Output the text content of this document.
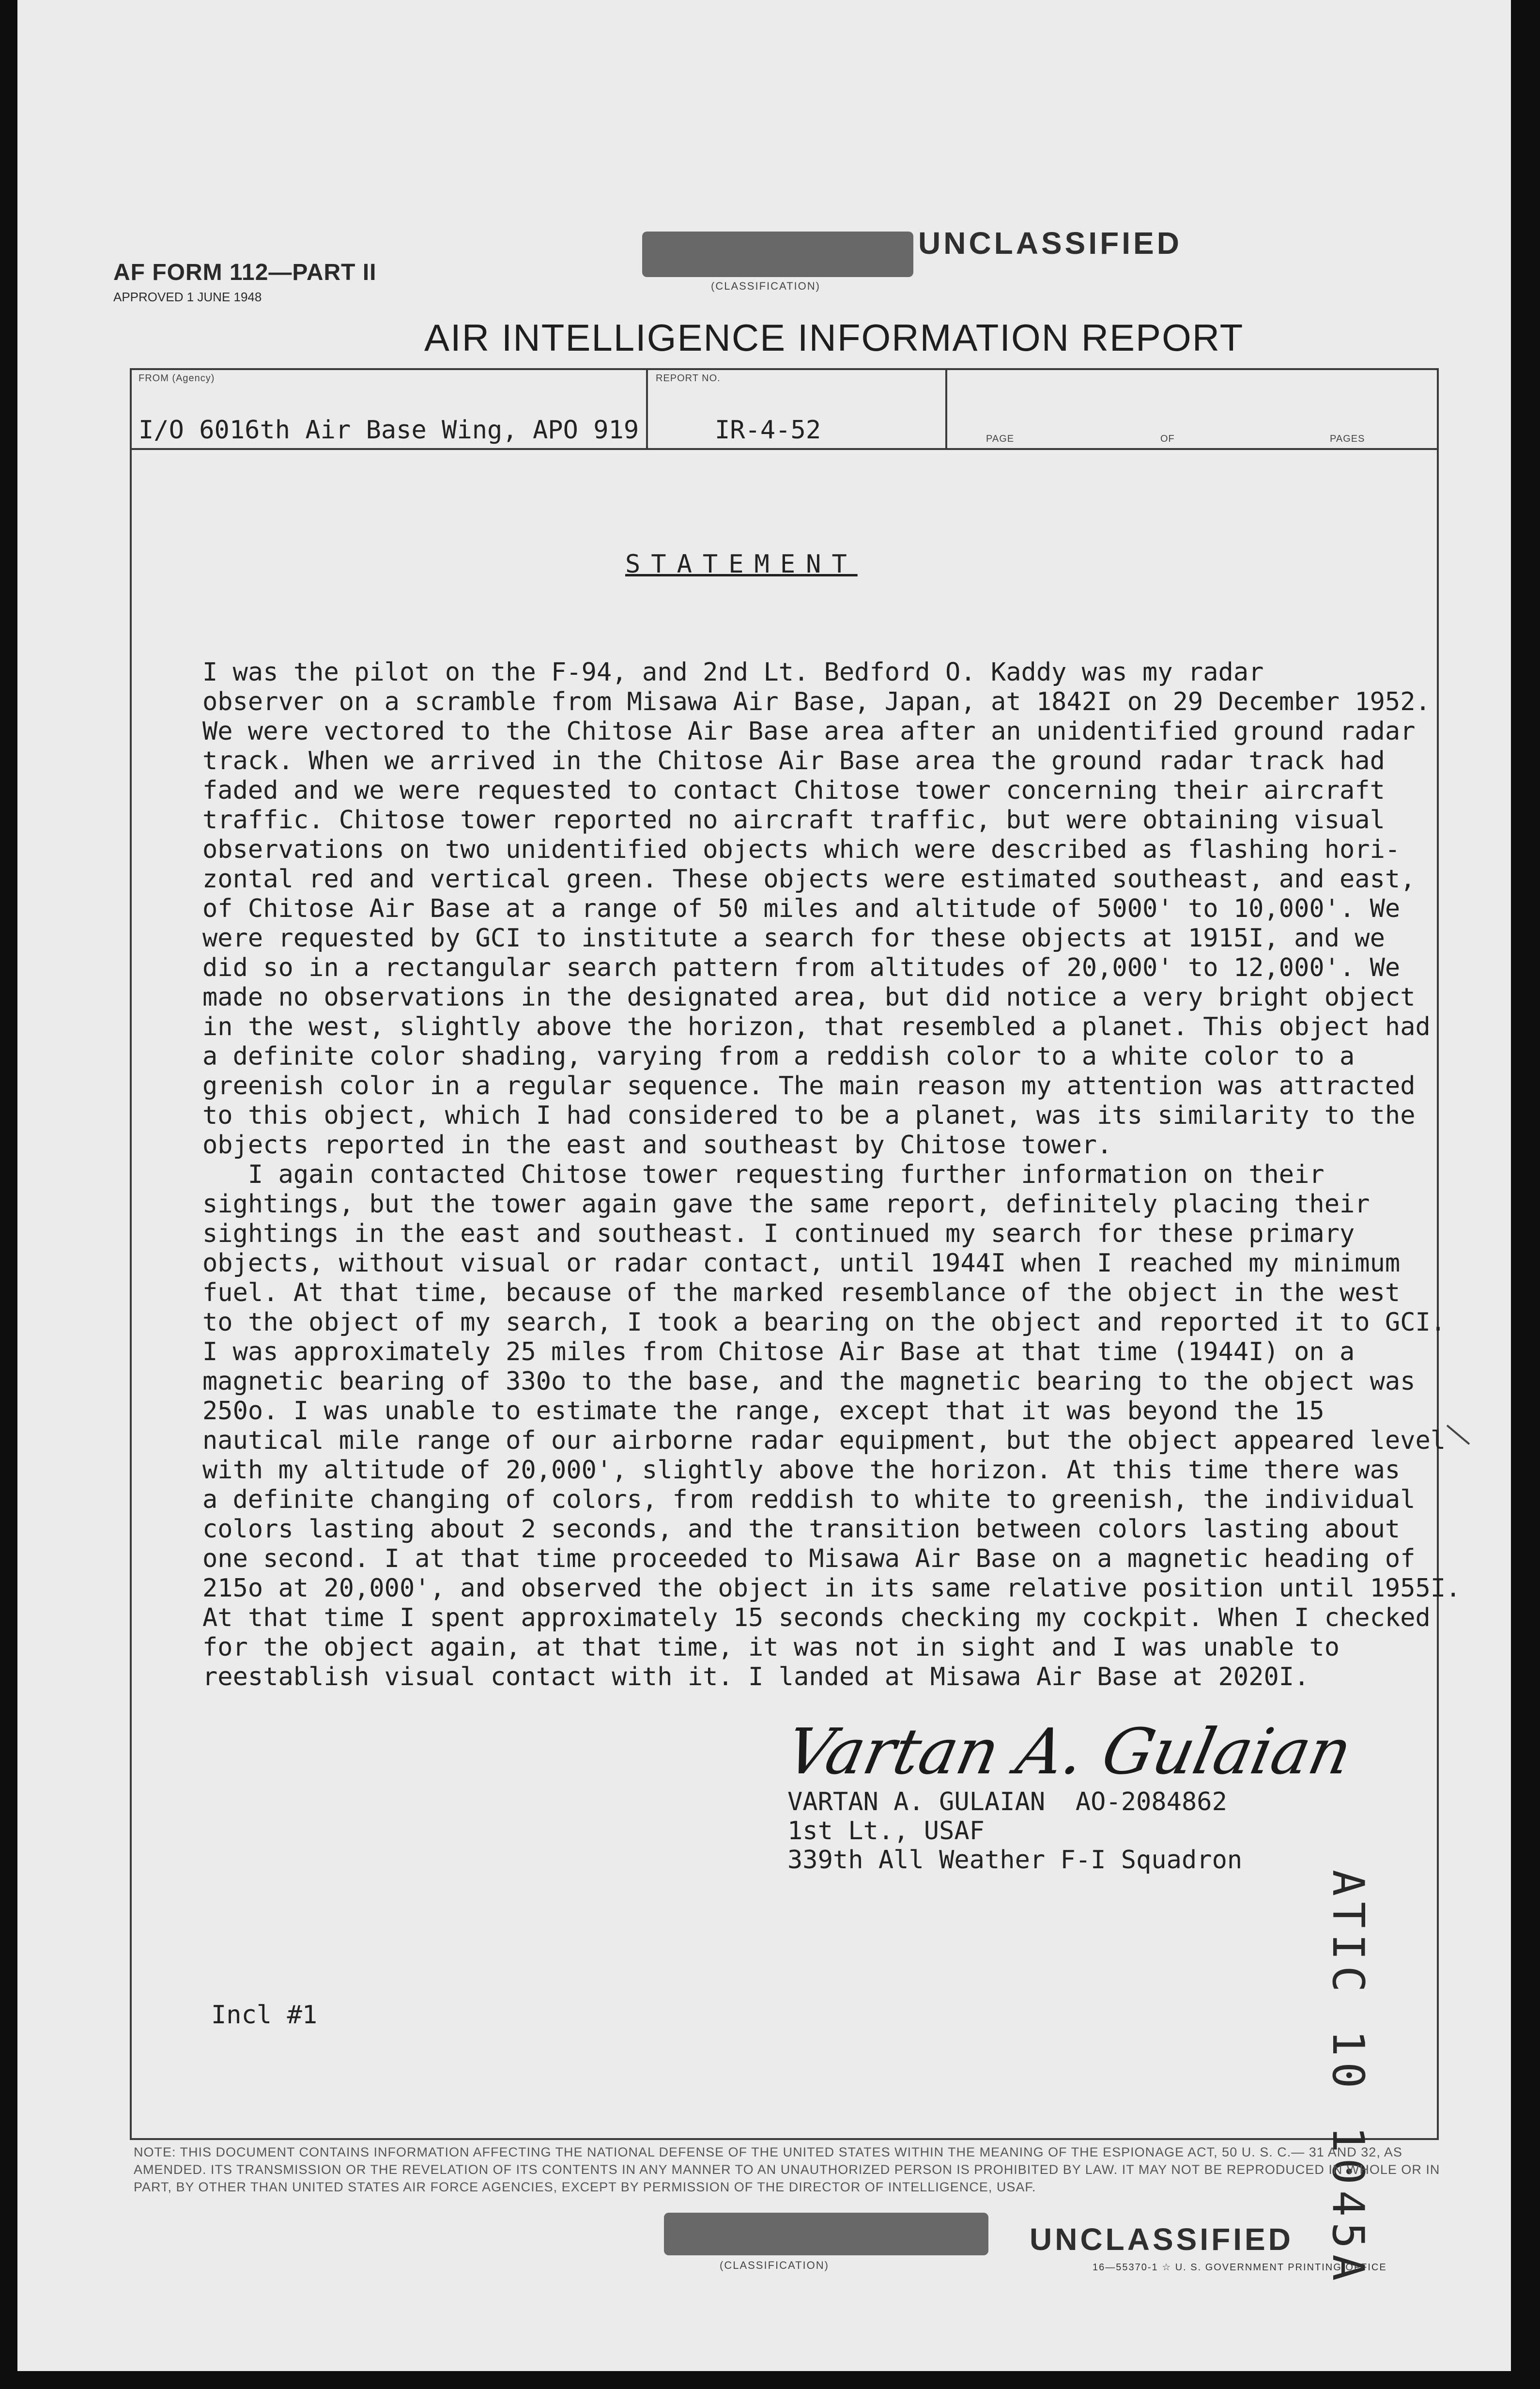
AF FORM 112—PART II
APPROVED 1 JUNE 1948
UNCLASSIFIED
(CLASSIFICATION)
AIR INTELLIGENCE INFORMATION REPORT
FROM (Agency)	REPORT NO.
PAGE	OF	PAGES
I/O 6016th Air Base Wing, APO 919	IR-4-52
STATEMENT
I was the pilot on the F-94, and 2nd Lt. Bedford O. Kaddy was my radar
observer on a scramble from Misawa Air Base, Japan, at 1842I on 29 December 1952.
We were vectored to the Chitose Air Base area after an unidentified ground radar
track. When we arrived in the Chitose Air Base area the ground radar track had
faded and we were requested to contact Chitose tower concerning their aircraft
traffic. Chitose tower reported no aircraft traffic, but were obtaining visual
observations on two unidentified objects which were described as flashing hori-
zontal red and vertical green. These objects were estimated southeast, and east,
of Chitose Air Base at a range of 50 miles and altitude of 5000' to 10,000'. We
were requested by GCI to institute a search for these objects at 1915I, and we
did so in a rectangular search pattern from altitudes of 20,000' to 12,000'. We
made no observations in the designated area, but did notice a very bright object
in the west, slightly above the horizon, that resembled a planet. This object had
a definite color shading, varying from a reddish color to a white color to a
greenish color in a regular sequence. The main reason my attention was attracted
to this object, which I had considered to be a planet, was its similarity to the
objects reported in the east and southeast by Chitose tower.
I again contacted Chitose tower requesting further information on their
sightings, but the tower again gave the same report, definitely placing their
sightings in the east and southeast. I continued my search for these primary
objects, without visual or radar contact, until 1944I when I reached my minimum
fuel. At that time, because of the marked resemblance of the object in the west
to the object of my search, I took a bearing on the object and reported it to GCI.
I was approximately 25 miles from Chitose Air Base at that time (1944I) on a
magnetic bearing of 330o to the base, and the magnetic bearing to the object was
250o. I was unable to estimate the range, except that it was beyond the 15
nautical mile range of our airborne radar equipment, but the object appeared level
with my altitude of 20,000', slightly above the horizon. At this time there was
a definite changing of colors, from reddish to white to greenish, the individual
colors lasting about 2 seconds, and the transition between colors lasting about
one second. I at that time proceeded to Misawa Air Base on a magnetic heading of
215o at 20,000', and observed the object in its same relative position until 1955I.
At that time I spent approximately 15 seconds checking my cockpit. When I checked
for the object again, at that time, it was not in sight and I was unable to
reestablish visual contact with it. I landed at Misawa Air Base at 2020I.
Vartan A. Gulaian
VARTAN A. GULAIAN  AO-2084862
1st Lt., USAF
339th All Weather F-I Squadron
Incl #1	ATIC 10 1045A
NOTE: THIS DOCUMENT CONTAINS INFORMATION AFFECTING THE NATIONAL DEFENSE OF THE UNITED STATES WITHIN THE MEANING OF THE ESPIONAGE ACT, 50 U. S. C.— 31 AND 32, AS AMENDED. ITS TRANSMISSION OR THE REVELATION OF ITS CONTENTS IN ANY MANNER TO AN UNAUTHORIZED PERSON IS PROHIBITED BY LAW. IT MAY NOT BE REPRODUCED IN WHOLE OR IN PART, BY OTHER THAN UNITED STATES AIR FORCE AGENCIES, EXCEPT BY PERMISSION OF THE DIRECTOR OF INTELLIGENCE, USAF.
UNCLASSIFIED
(CLASSIFICATION)	16—55370-1 ☆ U. S. GOVERNMENT PRINTING OFFICE
